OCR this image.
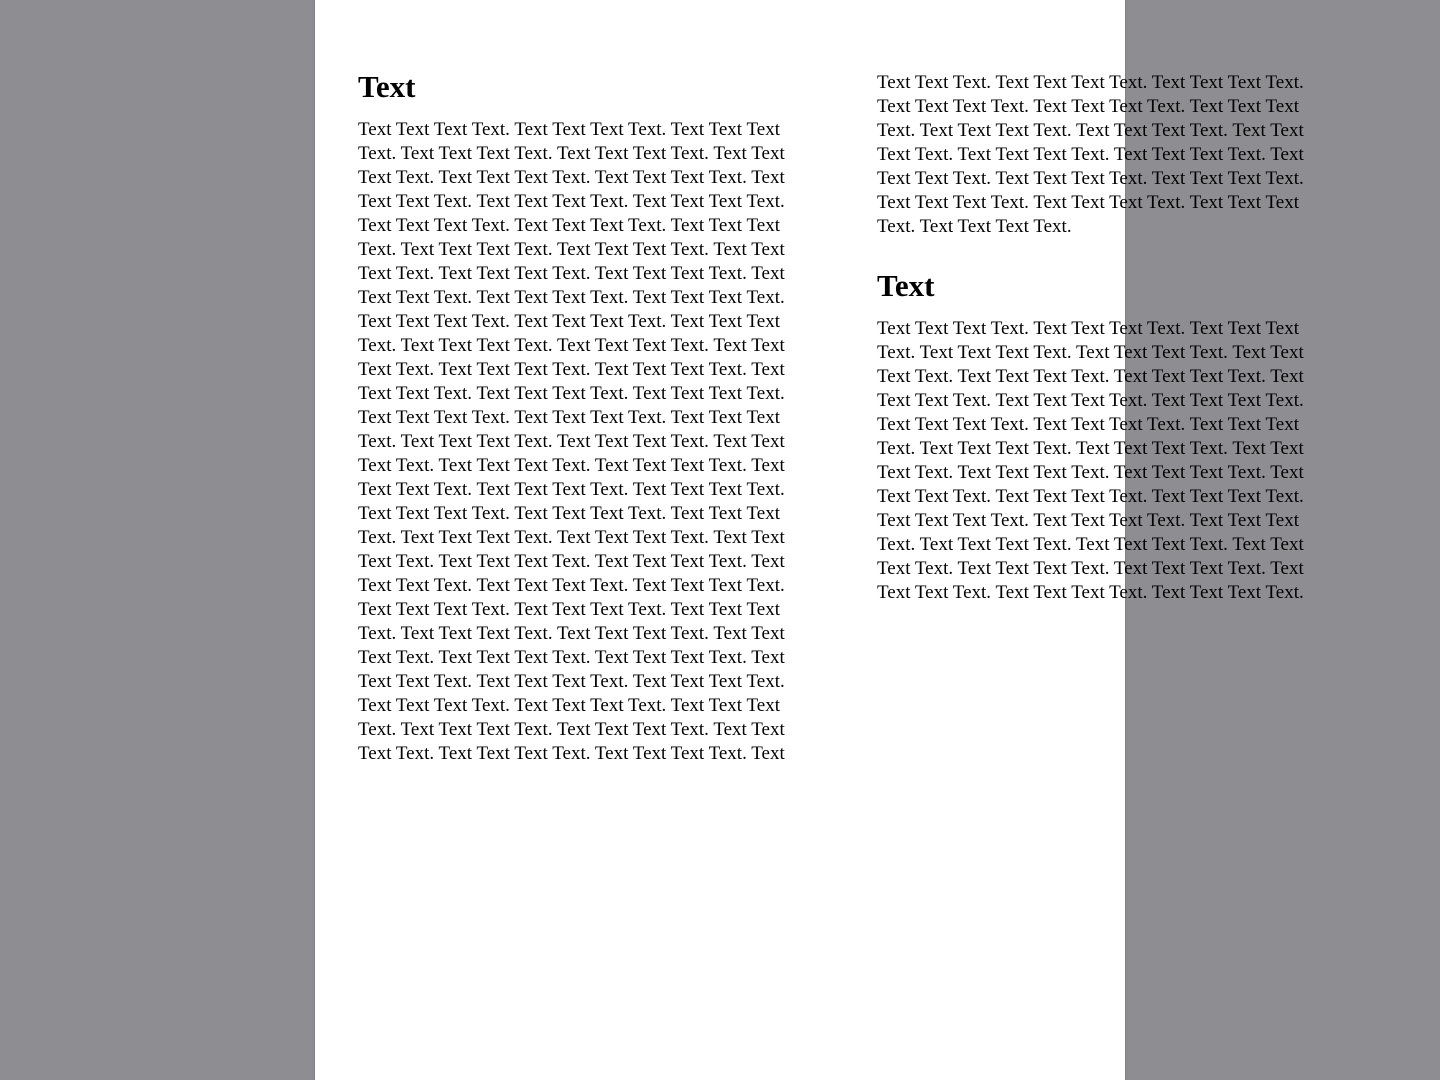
Text
Text Text Text Text. Text Text Text Text. Text Text Text
Text. Text Text Text Text. Text Text Text Text. Text Text
Text Text. Text Text Text Text. Text Text Text Text. Text
Text Text Text. Text Text Text Text. Text Text Text Text.
Text Text Text Text. Text Text Text Text. Text Text Text
Text. Text Text Text Text. Text Text Text Text. Text Text
Text Text. Text Text Text Text. Text Text Text Text. Text
Text Text Text. Text Text Text Text. Text Text Text Text.
Text Text Text Text. Text Text Text Text. Text Text Text
Text. Text Text Text Text. Text Text Text Text. Text Text
Text Text. Text Text Text Text. Text Text Text Text. Text
Text Text Text. Text Text Text Text. Text Text Text Text.
Text Text Text Text. Text Text Text Text. Text Text Text
Text. Text Text Text Text. Text Text Text Text. Text Text
Text Text. Text Text Text Text. Text Text Text Text. Text
Text Text Text. Text Text Text Text. Text Text Text Text.
Text Text Text Text. Text Text Text Text. Text Text Text
Text. Text Text Text Text. Text Text Text Text. Text Text
Text Text. Text Text Text Text. Text Text Text Text. Text
Text Text Text. Text Text Text Text. Text Text Text Text.
Text Text Text Text. Text Text Text Text. Text Text Text
Text. Text Text Text Text. Text Text Text Text. Text Text
Text Text. Text Text Text Text. Text Text Text Text. Text
Text Text Text. Text Text Text Text. Text Text Text Text.
Text Text Text Text. Text Text Text Text. Text Text Text
Text. Text Text Text Text. Text Text Text Text. Text Text
Text Text. Text Text Text Text. Text Text Text Text. Text
Text Text Text. Text Text Text Text. Text Text Text Text.
Text Text Text Text. Text Text Text Text. Text Text Text
Text. Text Text Text Text. Text Text Text Text. Text Text
Text Text. Text Text Text Text. Text Text Text Text. Text
Text Text Text. Text Text Text Text. Text Text Text Text.
Text Text Text Text. Text Text Text Text. Text Text Text
Text. Text Text Text Text.
Text
Text Text Text Text. Text Text Text Text. Text Text Text
Text. Text Text Text Text. Text Text Text Text. Text Text
Text Text. Text Text Text Text. Text Text Text Text. Text
Text Text Text. Text Text Text Text. Text Text Text Text.
Text Text Text Text. Text Text Text Text. Text Text Text
Text. Text Text Text Text. Text Text Text Text. Text Text
Text Text. Text Text Text Text. Text Text Text Text. Text
Text Text Text. Text Text Text Text. Text Text Text Text.
Text Text Text Text. Text Text Text Text. Text Text Text
Text. Text Text Text Text. Text Text Text Text. Text Text
Text Text. Text Text Text Text. Text Text Text Text. Text
Text Text Text. Text Text Text Text. Text Text Text Text.
